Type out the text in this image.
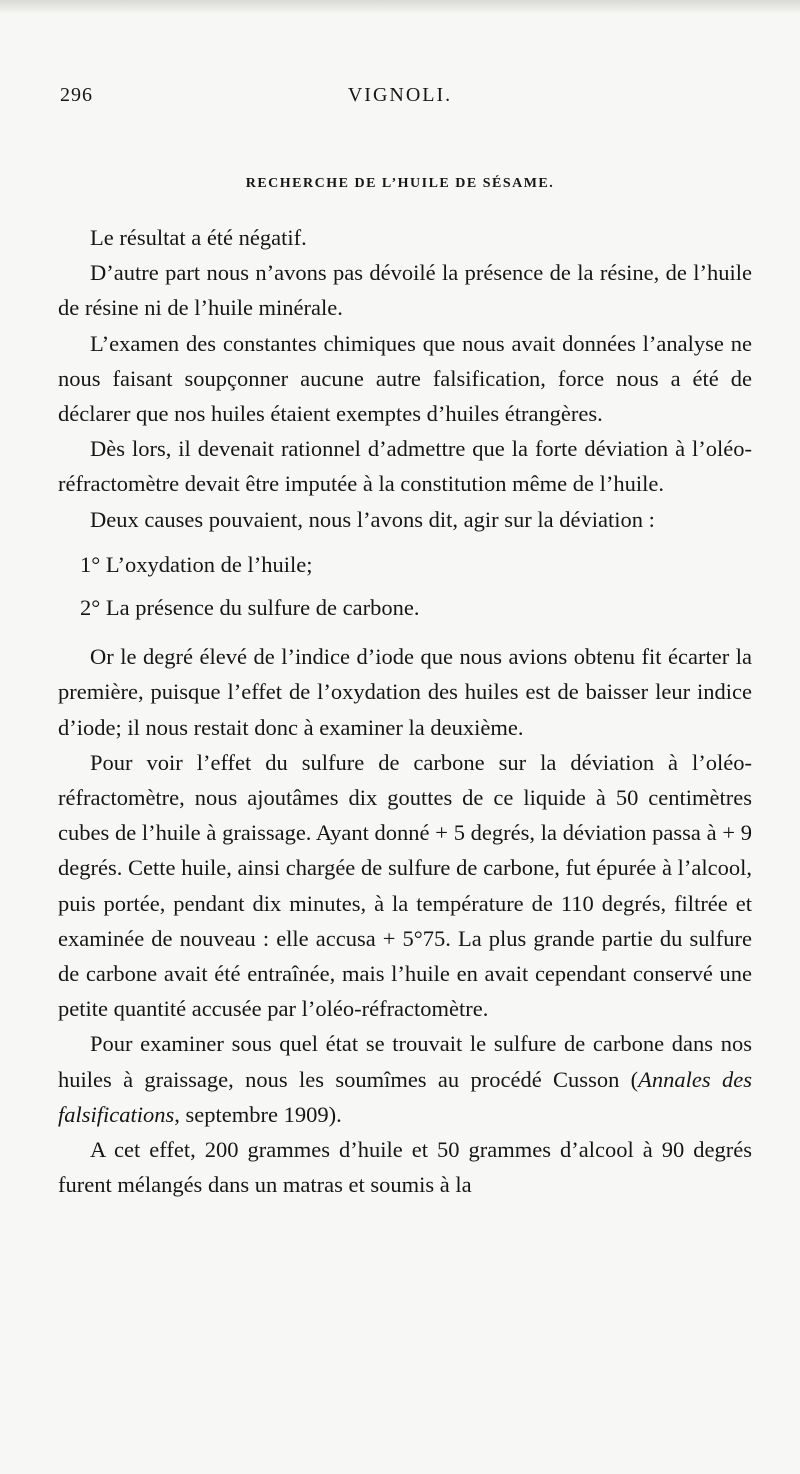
296	VIGNOLI.
RECHERCHE DE L’HUILE DE SÉSAME.

Le résultat a été négatif.

D’autre part nous n’avons pas dévoilé la présence de la résine, de l’huile de résine ni de l’huile minérale.

L’examen des constantes chimiques que nous avait données l’analyse ne nous faisant soupçonner aucune autre falsification, force nous a été de déclarer que nos huiles étaient exemptes d’huiles étrangères.

Dès lors, il devenait rationnel d’admettre que la forte déviation à l’oléo-réfractomètre devait être imputée à la constitution même de l’huile.

Deux causes pouvaient, nous l’avons dit, agir sur la déviation :

1° L’oxydation de l’huile;

2° La présence du sulfure de carbone.

Or le degré élevé de l’indice d’iode que nous avions obtenu fit écarter la première, puisque l’effet de l’oxydation des huiles est de baisser leur indice d’iode; il nous restait donc à examiner la deuxième.

Pour voir l’effet du sulfure de carbone sur la déviation à l’oléo-réfractomètre, nous ajoutâmes dix gouttes de ce liquide à 50 centimètres cubes de l’huile à graissage. Ayant donné + 5 degrés, la déviation passa à + 9 degrés. Cette huile, ainsi chargée de sulfure de carbone, fut épurée à l’alcool, puis portée, pendant dix minutes, à la température de 110 degrés, filtrée et examinée de nouveau : elle accusa + 5°75. La plus grande partie du sulfure de carbone avait été entraînée, mais l’huile en avait cependant conservé une petite quantité accusée par l’oléo-réfractomètre.

Pour examiner sous quel état se trouvait le sulfure de carbone dans nos huiles à graissage, nous les soumîmes au procédé Cusson (Annales des falsifications, septembre 1909).

A cet effet, 200 grammes d’huile et 50 grammes d’alcool à 90 degrés furent mélangés dans un matras et soumis à la
